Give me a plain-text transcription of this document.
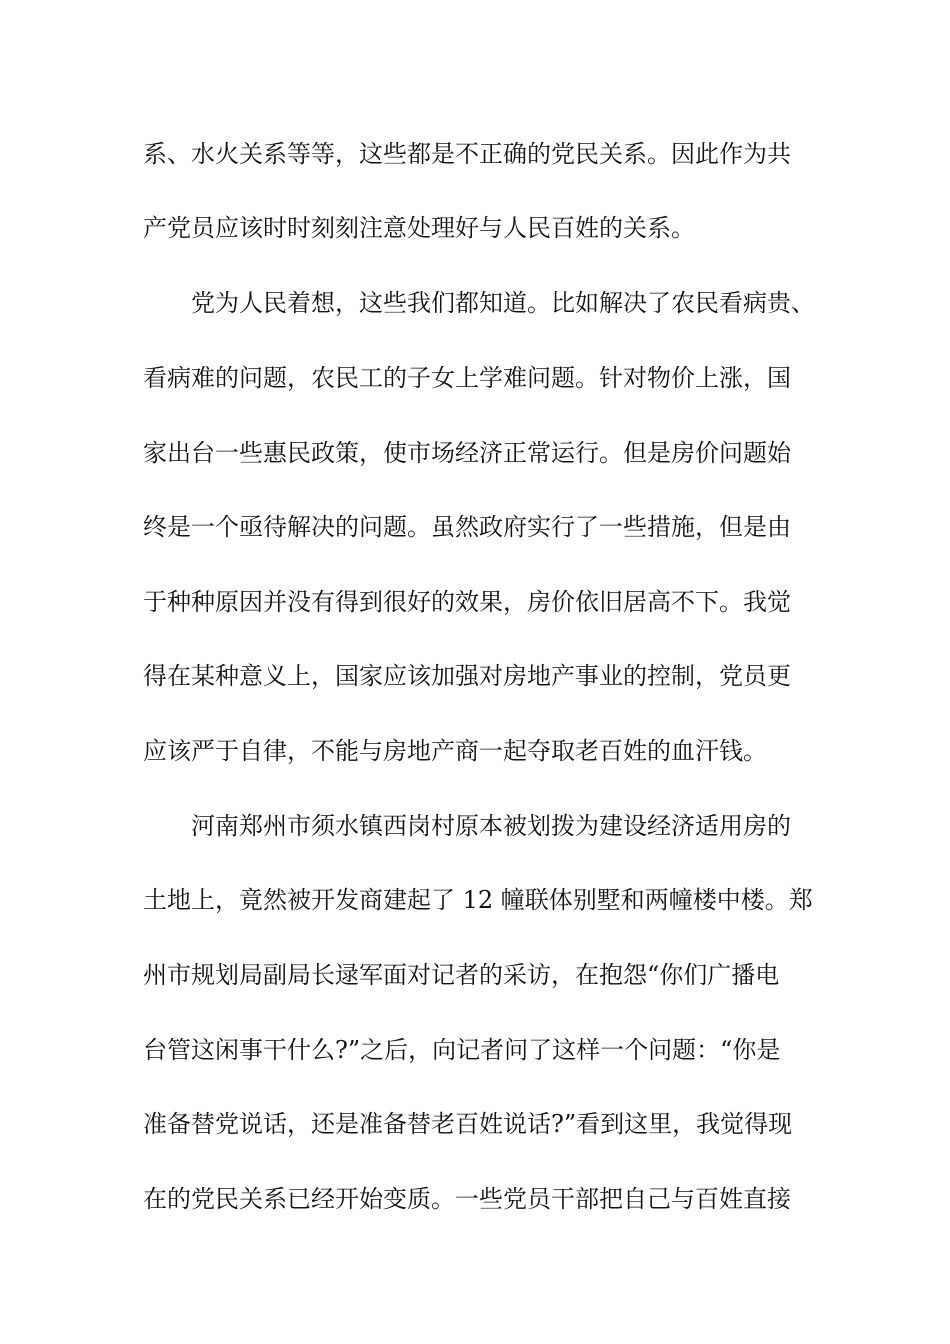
系、水火关系等等，这些都是不正确的党民关系。因此作为共

产党员应该时时刻刻注意处理好与人民百姓的关系。

　　党为人民着想，这些我们都知道。比如解决了农民看病贵、

看病难的问题，农民工的子女上学难问题。针对物价上涨，国

家出台一些惠民政策，使市场经济正常运行。但是房价问题始

终是一个亟待解决的问题。虽然政府实行了一些措施，但是由

于种种原因并没有得到很好的效果，房价依旧居高不下。我觉

得在某种意义上，国家应该加强对房地产事业的控制，党员更

应该严于自律，不能与房地产商一起夺取老百姓的血汗钱。

　　河南郑州市须水镇西岗村原本被划拨为建设经济适用房的

土地上，竟然被开发商建起了 12 幢联体别墅和两幢楼中楼。郑

州市规划局副局长逯军面对记者的采访，在抱怨“你们广播电

台管这闲事干什么?”之后，向记者问了这样一个问题：“你是

准备替党说话，还是准备替老百姓说话?”看到这里，我觉得现

在的党民关系已经开始变质。一些党员干部把自己与百姓直接
